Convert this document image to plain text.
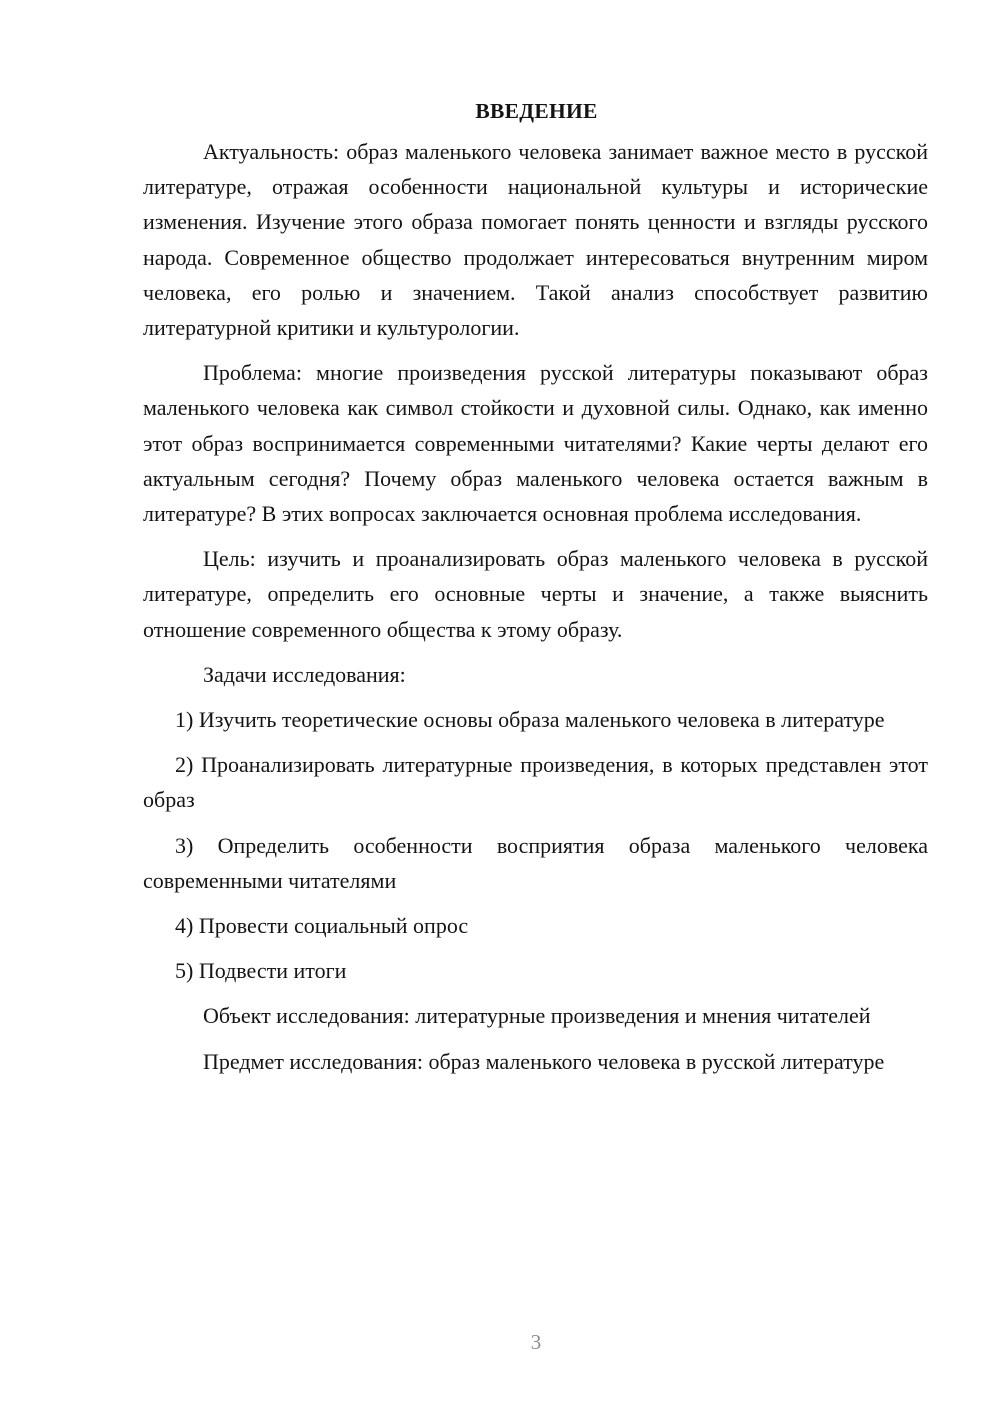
ВВЕДЕНИЕ

Актуальность: образ маленького человека занимает важное место в русской литературе, отражая особенности национальной культуры и исторические изменения. Изучение этого образа помогает понять ценности и взгляды русского народа. Современное общество продолжает интересоваться внутренним миром человека, его ролью и значением. Такой анализ способствует развитию литературной критики и культурологии.

Проблема: многие произведения русской литературы показывают образ маленького человека как символ стойкости и духовной силы. Однако, как именно этот образ воспринимается современными читателями? Какие черты делают его актуальным сегодня? Почему образ маленького человека остается важным в литературе? В этих вопросах заключается основная проблема исследования.

Цель: изучить и проанализировать образ маленького человека в русской литературе, определить его основные черты и значение, а также выяснить отношение современного общества к этому образу.

Задачи исследования:

1) Изучить теоретические основы образа маленького человека в литературе

2) Проанализировать литературные произведения, в которых представлен этот образ

3) Определить особенности восприятия образа маленького человека современными читателями

4) Провести социальный опрос

5) Подвести итоги

Объект исследования: литературные произведения и мнения читателей

Предмет исследования: образ маленького человека в русской литературе

3
